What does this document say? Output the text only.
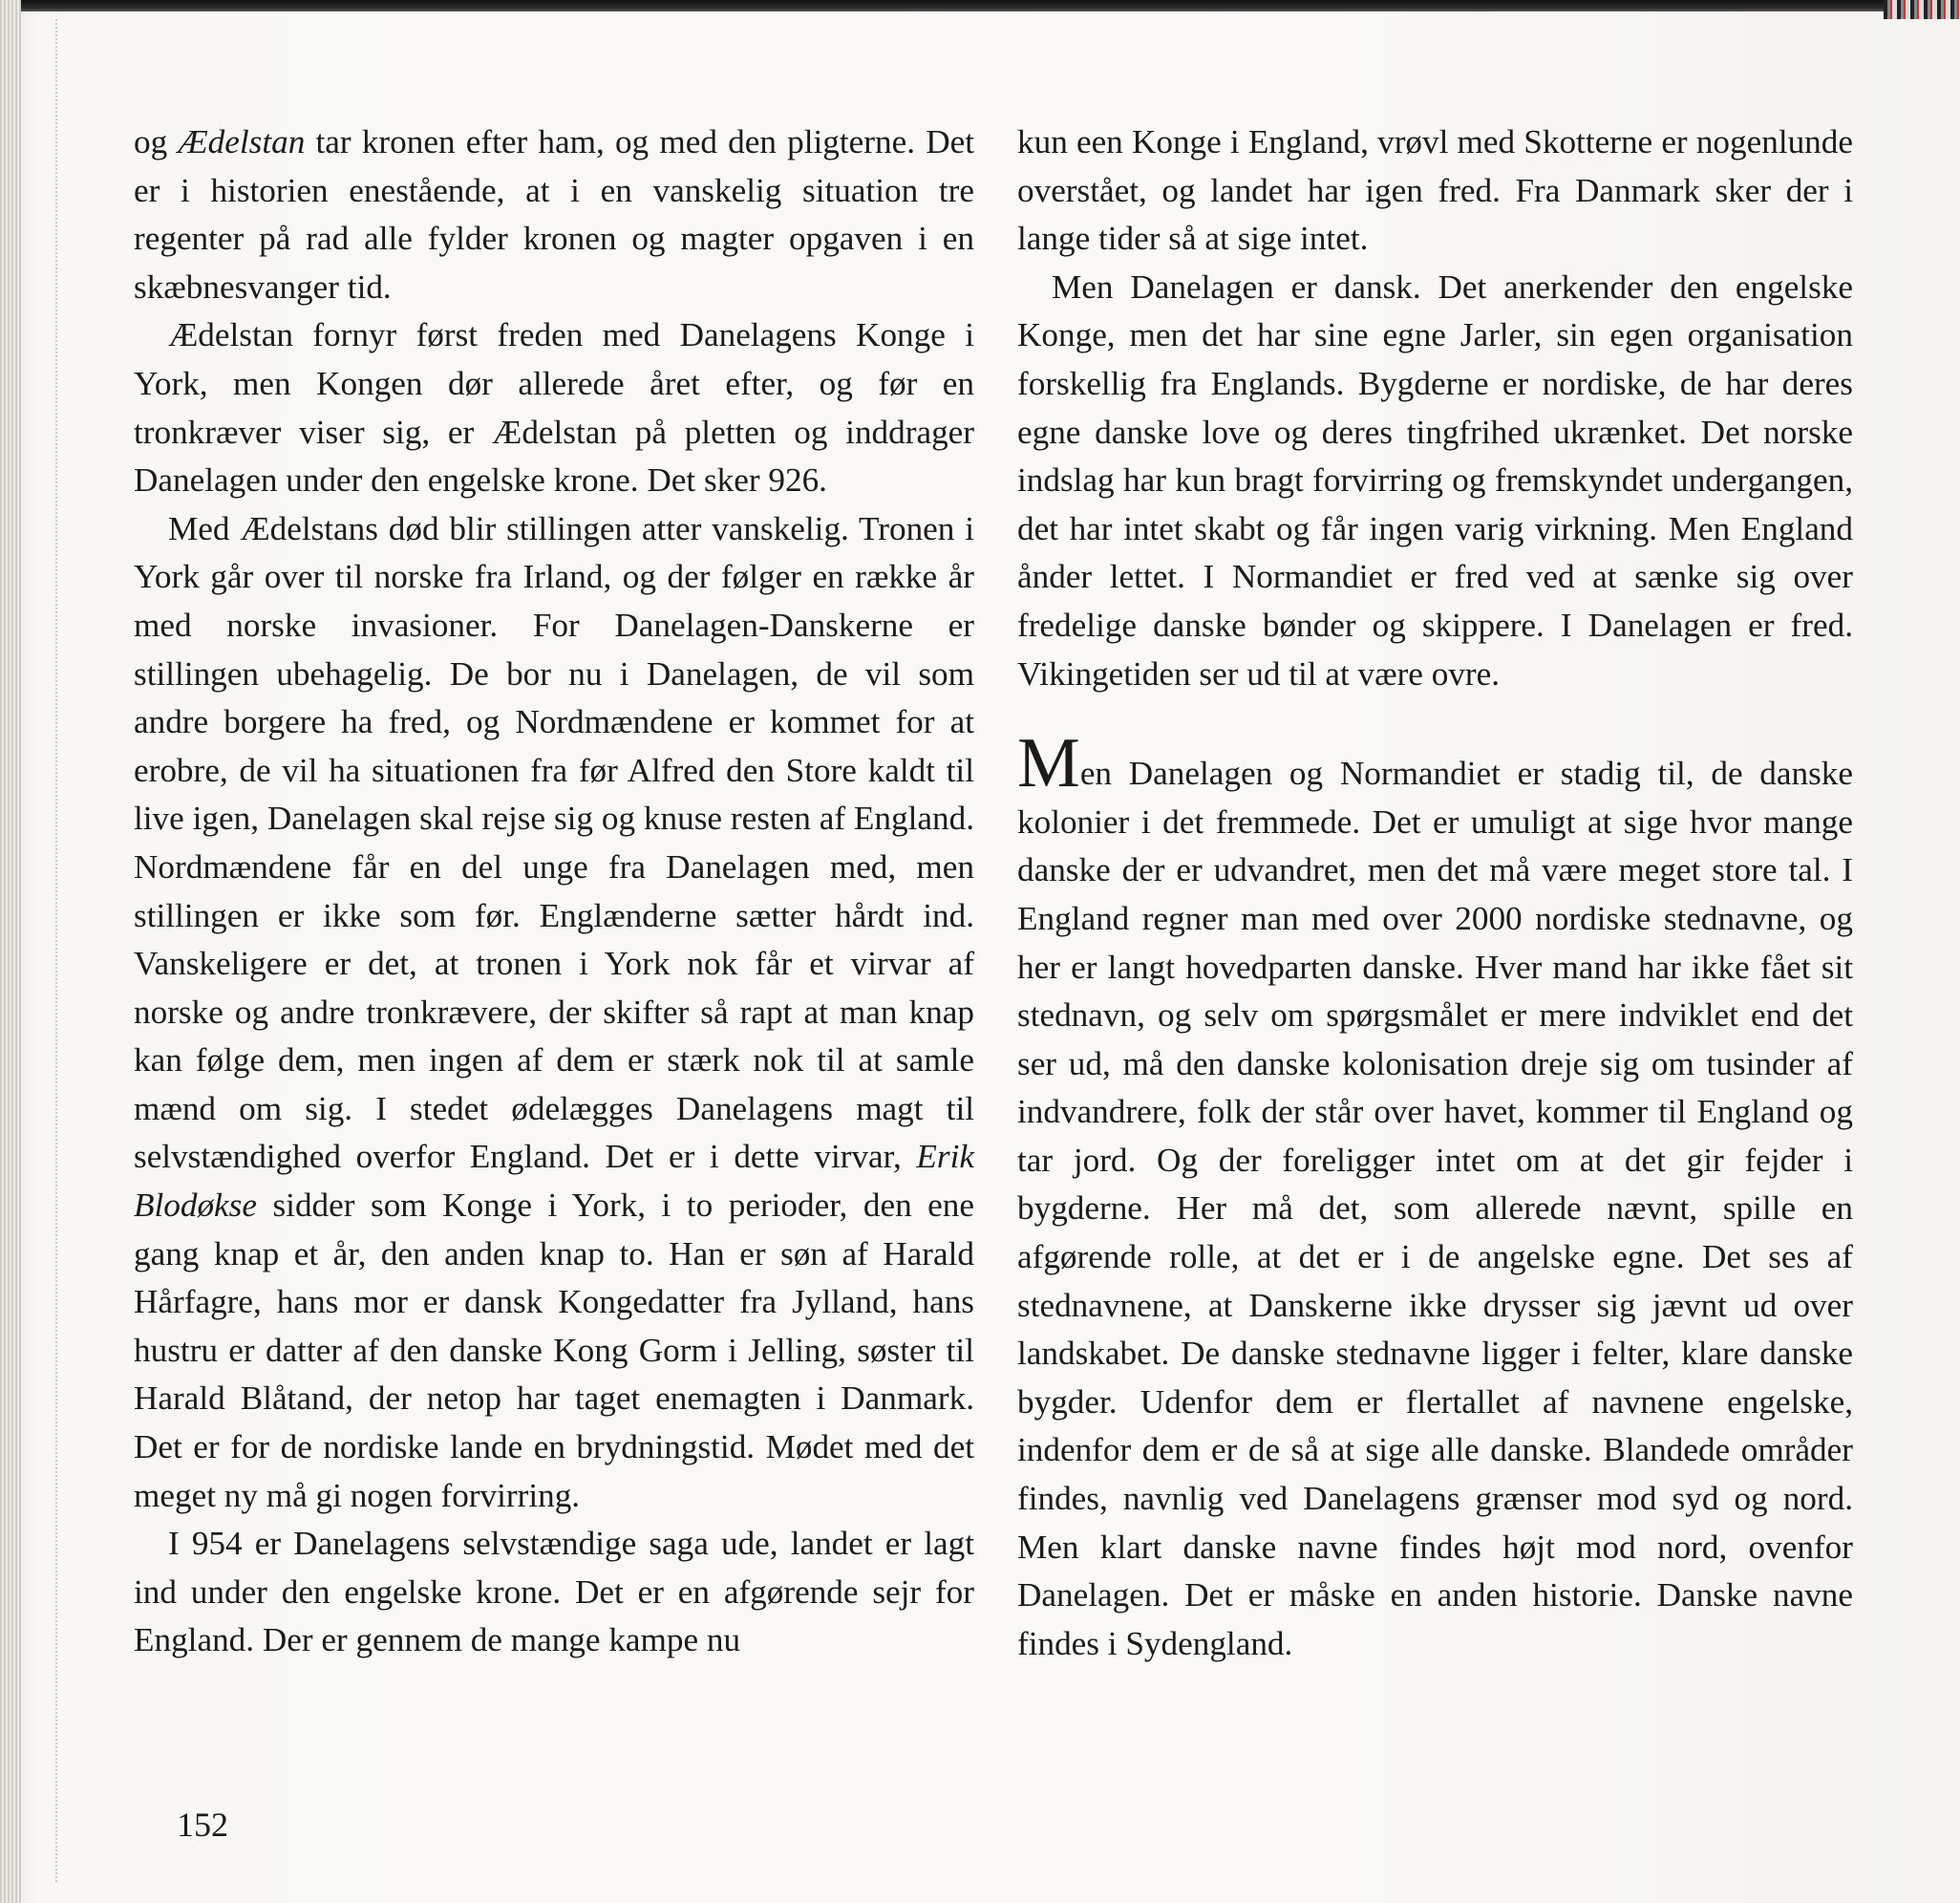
og Ædelstan tar kronen efter ham, og med den pligterne. Det er i historien enestående, at i en vanskelig situation tre regenter på rad alle fylder kronen og magter opgaven i en skæbnesvanger tid.

Ædelstan fornyr først freden med Danelagens Konge i York, men Kongen dør allerede året efter, og før en tronkræver viser sig, er Ædelstan på pletten og inddrager Danelagen under den engelske krone. Det sker 926.

Med Ædelstans død blir stillingen atter vanskelig. Tronen i York går over til norske fra Irland, og der følger en række år med norske invasioner. For Danelagen-Danskerne er stillingen ubehagelig. De bor nu i Danelagen, de vil som andre borgere ha fred, og Nordmændene er kommet for at erobre, de vil ha situationen fra før Alfred den Store kaldt til live igen, Danelagen skal rejse sig og knuse resten af England. Nordmændene får en del unge fra Danelagen med, men stillingen er ikke som før. Englænderne sætter hårdt ind. Vanskeligere er det, at tronen i York nok får et virvar af norske og andre tronkrævere, der skifter så rapt at man knap kan følge dem, men ingen af dem er stærk nok til at samle mænd om sig. I stedet ødelægges Danelagens magt til selvstændighed overfor England. Det er i dette virvar, Erik Blodøkse sidder som Konge i York, i to perioder, den ene gang knap et år, den anden knap to. Han er søn af Harald Hårfagre, hans mor er dansk Kongedatter fra Jylland, hans hustru er datter af den danske Kong Gorm i Jelling, søster til Harald Blåtand, der netop har taget enemagten i Danmark. Det er for de nordiske lande en brydningstid. Mødet med det meget ny må gi nogen forvirring.

I 954 er Danelagens selvstændige saga ude, landet er lagt ind under den engelske krone. Det er en afgørende sejr for England. Der er gennem de mange kampe nu

kun een Konge i England, vrøvl med Skotterne er nogenlunde overstået, og landet har igen fred. Fra Danmark sker der i lange tider så at sige intet.

Men Danelagen er dansk. Det anerkender den engelske Konge, men det har sine egne Jarler, sin egen organisation forskellig fra Englands. Bygderne er nordiske, de har deres egne danske love og deres tingfrihed ukrænket. Det norske indslag har kun bragt forvirring og fremskyndet undergangen, det har intet skabt og får ingen varig virkning. Men England ånder lettet. I Normandiet er fred ved at sænke sig over fredelige danske bønder og skippere. I Danelagen er fred. Vikingetiden ser ud til at være ovre.

Men Danelagen og Normandiet er stadig til, de danske kolonier i det fremmede. Det er umuligt at sige hvor mange danske der er udvandret, men det må være meget store tal. I England regner man med over 2000 nordiske stednavne, og her er langt hovedparten danske. Hver mand har ikke fået sit stednavn, og selv om spørgsmålet er mere indviklet end det ser ud, må den danske kolonisation dreje sig om tusinder af indvandrere, folk der står over havet, kommer til England og tar jord. Og der foreligger intet om at det gir fejder i bygderne. Her må det, som allerede nævnt, spille en afgørende rolle, at det er i de angelske egne. Det ses af stednavnene, at Danskerne ikke drysser sig jævnt ud over landskabet. De danske stednavne ligger i felter, klare danske bygder. Udenfor dem er flertallet af navnene engelske, indenfor dem er de så at sige alle danske. Blandede områder findes, navnlig ved Danelagens grænser mod syd og nord. Men klart danske navne findes højt mod nord, ovenfor Danelagen. Det er måske en anden historie. Danske navne findes i Sydengland.

152
